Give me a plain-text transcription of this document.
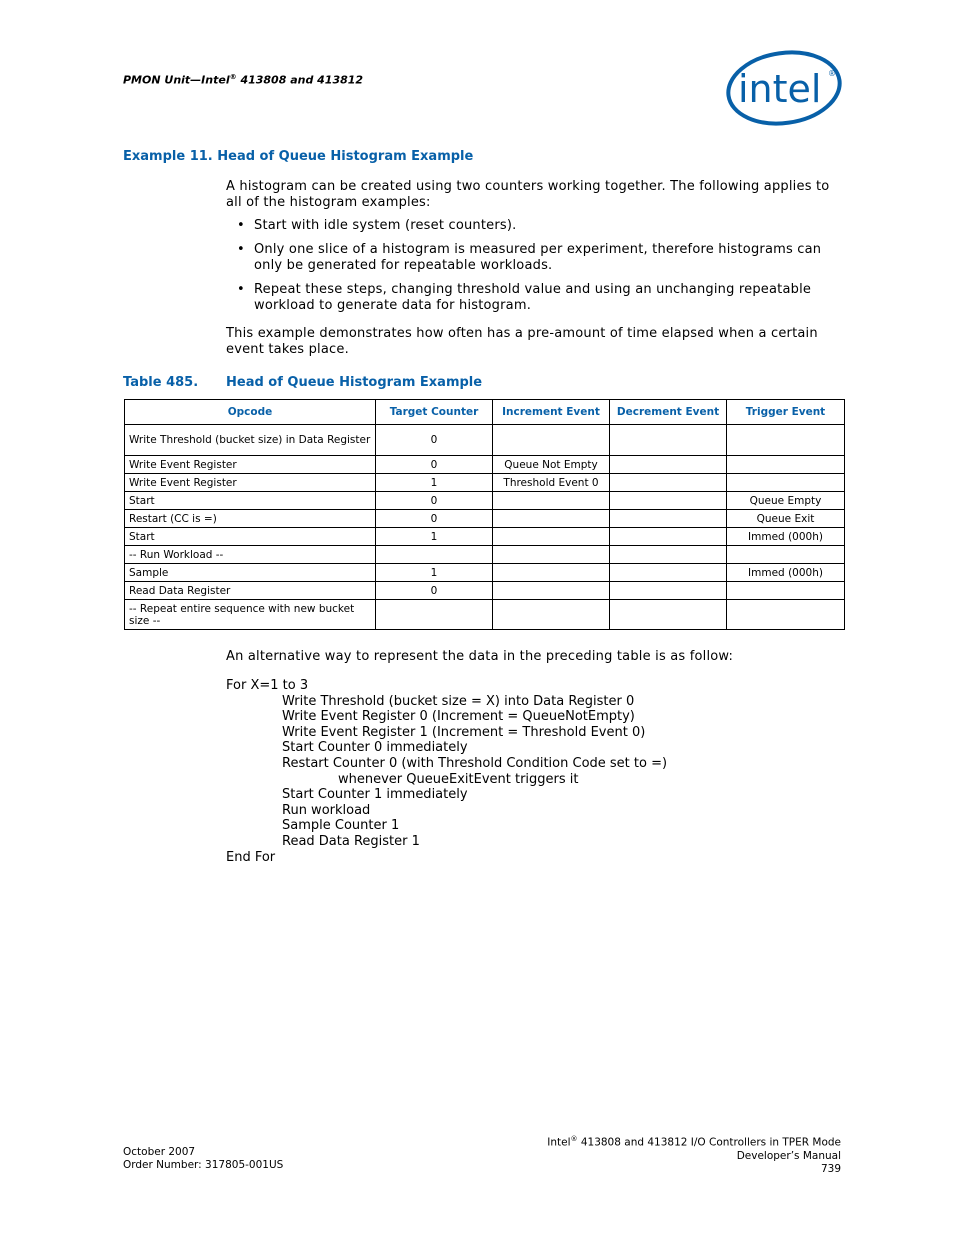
PMON Unit—Intel® 413808 and 413812	intel ®
Example 11. Head of Queue Histogram Example
A histogram can be created using two counters working together. The following applies to all of the histogram examples:
• Start with idle system (reset counters).
• Only one slice of a histogram is measured per experiment, therefore histograms can only be generated for repeatable workloads.
• Repeat these steps, changing threshold value and using an unchanging repeatable workload to generate data for histogram.
This example demonstrates how often has a pre-amount of time elapsed when a certain event takes place.
Table 485. Head of Queue Histogram Example
Opcode	Target Counter	Increment Event	Decrement Event	Trigger Event
Write Threshold (bucket size) in Data Register	0			
Write Event Register	0	Queue Not Empty		
Write Event Register	1	Threshold Event 0		
Start	0			Queue Empty
Restart (CC is =)	0			Queue Exit
Start	1			Immed (000h)
-- Run Workload --				
Sample	1			Immed (000h)
Read Data Register	0			
-- Repeat entire sequence with new bucket size --				
An alternative way to represent the data in the preceding table is as follow:
For X=1 to 3
Write Threshold (bucket size = X) into Data Register 0
Write Event Register 0 (Increment = QueueNotEmpty)
Write Event Register 1 (Increment = Threshold Event 0)
Start Counter 0 immediately
Restart Counter 0 (with Threshold Condition Code set to =)
whenever QueueExitEvent triggers it
Start Counter 1 immediately
Run workload
Sample Counter 1
Read Data Register 1
End For
October 2007
Order Number: 317805-001US
Intel® 413808 and 413812 I/O Controllers in TPER Mode
Developer’s Manual
739
